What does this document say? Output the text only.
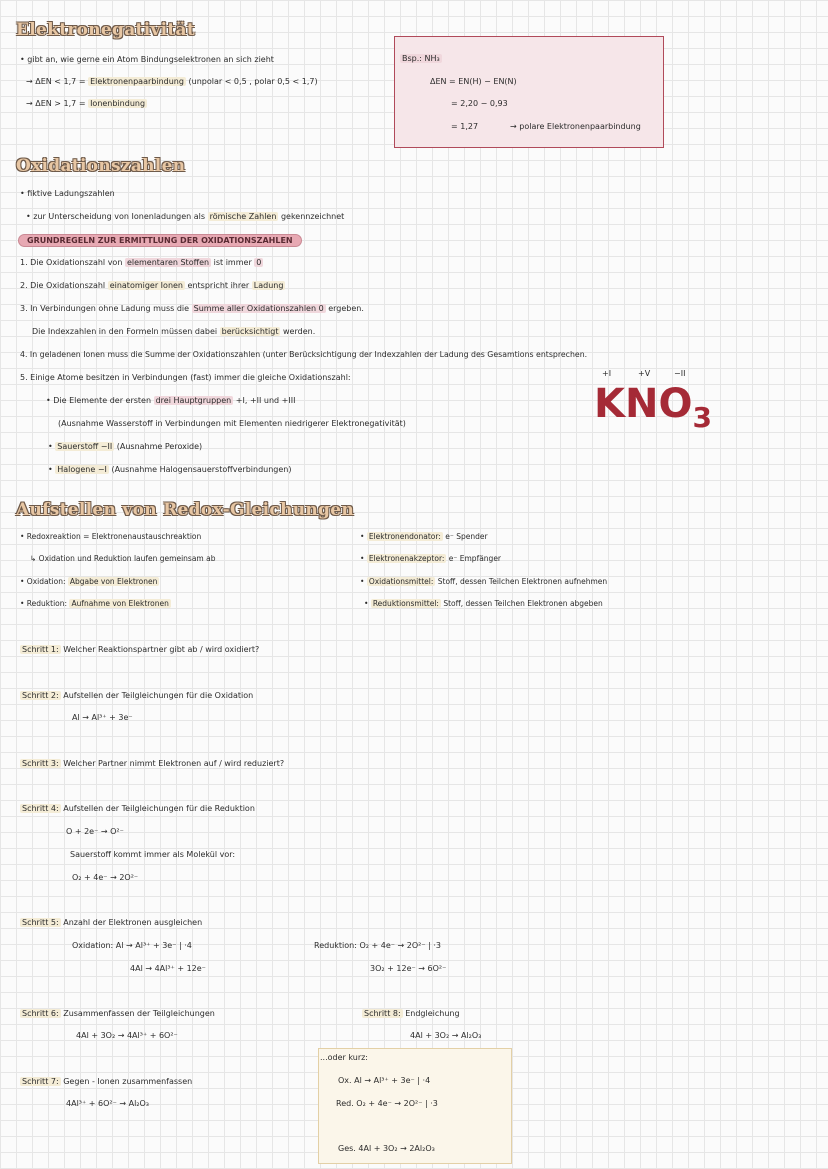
Elektronegativität
• gibt an, wie gerne ein Atom Bindungselektronen an sich zieht
→ ΔEN < 1,7 = Elektronenpaarbindung (unpolar < 0,5 , polar 0,5 < 1,7)
→ ΔEN > 1,7 = Ionenbindung
Bsp.: NH₃
ΔEN = EN(H) − EN(N)
= 2,20 − 0,93
= 1,27	→ polare Elektronenpaarbindung
Oxidationszahlen
• fiktive Ladungszahlen
• zur Unterscheidung von Ionenladungen als römische Zahlen gekennzeichnet
GRUNDREGELN ZUR ERMITTLUNG DER OXIDATIONSZAHLEN
1. Die Oxidationszahl von elementaren Stoffen ist immer 0
2. Die Oxidationszahl einatomiger Ionen entspricht ihrer Ladung
3. In Verbindungen ohne Ladung muss die Summe aller Oxidationszahlen 0 ergeben.
Die Indexzahlen in den Formeln müssen dabei berücksichtigt werden.
4. In geladenen Ionen muss die Summe der Oxidationszahlen (unter Berücksichtigung der Indexzahlen der Ladung des Gesamtions entsprechen.
5. Einige Atome besitzen in Verbindungen (fast) immer die gleiche Oxidationszahl:
• Die Elemente der ersten drei Hauptgruppen +I, +II und +III
(Ausnahme Wasserstoff in Verbindungen mit Elementen niedrigerer Elektronegativität)
• Sauerstoff −II (Ausnahme Peroxide)
• Halogene −I (Ausnahme Halogensauerstoffverbindungen)
+I	+V	−II
$KNO_3$
Aufstellen von Redox-Gleichungen
• Redoxreaktion = Elektronenaustauschreaktion
↳ Oxidation und Reduktion laufen gemeinsam ab
• Oxidation: Abgabe von Elektronen
• Reduktion: Aufnahme von Elektronen
• Elektronendonator: e⁻ Spender
• Elektronenakzeptor: e⁻ Empfänger
• Oxidationsmittel: Stoff, dessen Teilchen Elektronen aufnehmen
• Reduktionsmittel: Stoff, dessen Teilchen Elektronen abgeben
Schritt 1: Welcher Reaktionspartner gibt ab / wird oxidiert?
Schritt 2: Aufstellen der Teilgleichungen für die Oxidation
Al → Al³⁺ + 3e⁻
Schritt 3: Welcher Partner nimmt Elektronen auf / wird reduziert?
Schritt 4: Aufstellen der Teilgleichungen für die Reduktion
O + 2e⁻ → O²⁻
Sauerstoff kommt immer als Molekül vor:
O₂ + 4e⁻ → 2O²⁻
Schritt 5: Anzahl der Elektronen ausgleichen
Oxidation: Al → Al³⁺ + 3e⁻ | ·4
4Al → 4Al³⁺ + 12e⁻
Reduktion: O₂ + 4e⁻ → 2O²⁻ | ·3
3O₂ + 12e⁻ → 6O²⁻
Schritt 6: Zusammenfassen der Teilgleichungen
4Al + 3O₂ → 4Al³⁺ + 6O²⁻
Schritt 8: Endgleichung
4Al + 3O₂ → Al₂O₃
Schritt 7: Gegen - Ionen zusammenfassen
4Al³⁺ + 6O²⁻ → Al₂O₃
...oder kurz:
Ox. Al → Al³⁺ + 3e⁻ | ·4
Red. O₂ + 4e⁻ → 2O²⁻ | ·3
Ges. 4Al + 3O₂ → 2Al₂O₃
